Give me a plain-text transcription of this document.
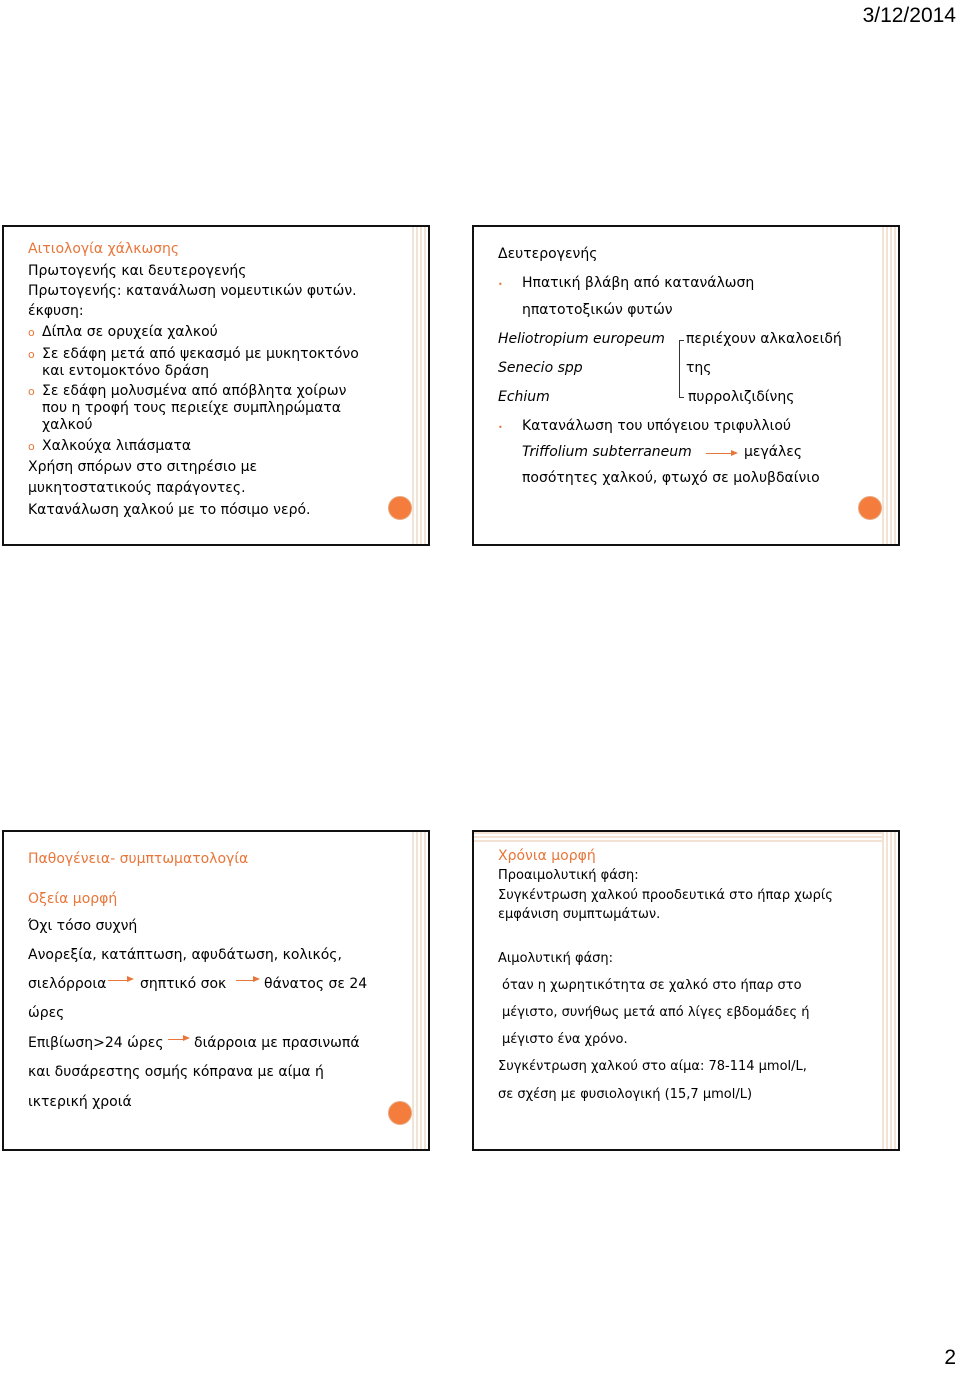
3/12/2014
Αιτιολογία χάλκωσης
Πρωτογενής και δευτερογενής
Πρωτογενής: κατανάλωση νομευτικών φυτών.
έκφυση:
o Δίπλα σε ορυχεία χαλκού
o Σε εδάφη μετά από ψεκασμό με μυκητοκτόνο
και εντομοκτόνο δράση
o Σε εδάφη μολυσμένα από απόβλητα χοίρων
που η τροφή τους περιείχε συμπληρώματα
χαλκού
o Χαλκούχα λιπάσματα
Χρήση σπόρων στο σιτηρέσιο με
μυκητοστατικούς παράγοντες.
Κατανάλωση χαλκού με το πόσιμο νερό.
Δευτερογενής
• Ηπατική βλάβη από κατανάλωση
ηπατοτοξικών φυτών
Heliotropium europeum
Senecio spp
Echium
περιέχουν αλκαλοειδή
της
πυρρολιζιδίνης
• Κατανάλωση του υπόγειου τριφυλλιού
Triffolium subterraneum	μεγάλες
ποσότητες χαλκού, φτωχό σε μολυβδαίνιο
Παθογένεια- συμπτωματολογία
Οξεία μορφή
Όχι τόσο συχνή
Ανορεξία, κατάπτωση, αφυδάτωση, κολικός,
σιελόρροια σηπτικό σοκ	θάνατος σε 24
ώρες
Επιβίωση>24 ώρες διάρροια με πρασινωπά
και δυσάρεστης οσμής κόπρανα με αίμα ή
ικτερική χροιά
Χρόνια μορφή
Προαιμολυτική φάση:
Συγκέντρωση χαλκού προοδευτικά στο ήπαρ χωρίς
εμφάνιση συμπτωμάτων.
Αιμολυτική φάση:
όταν η χωρητικότητα σε χαλκό στο ήπαρ στο
μέγιστο, συνήθως μετά από λίγες εβδομάδες ή
μέγιστο ένα χρόνο.
Συγκέντρωση χαλκού στο αίμα: 78-114 μmol/L,
σε σχέση με φυσιολογική (15,7 μmol/L)
2
